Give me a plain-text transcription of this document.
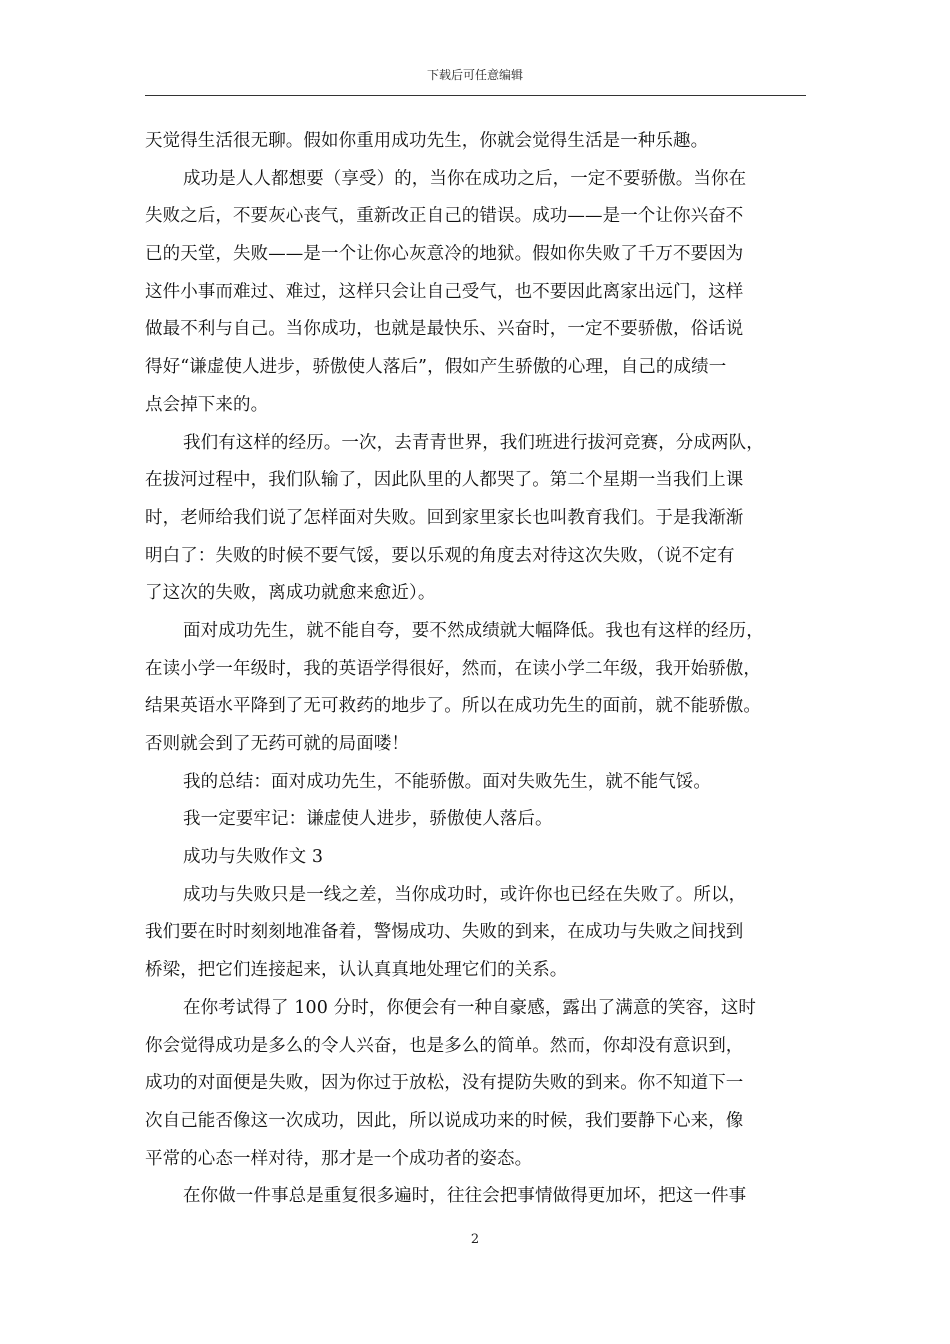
下载后可任意编辑
天觉得生活很无聊。假如你重用成功先生，你就会觉得生活是一种乐趣。
成功是人人都想要（享受）的，当你在成功之后，一定不要骄傲。当你在
失败之后，不要灰心丧气，重新改正自己的错误。成功——是一个让你兴奋不
已的天堂，失败——是一个让你心灰意冷的地狱。假如你失败了千万不要因为
这件小事而难过、难过，这样只会让自己受气，也不要因此离家出远门，这样
做最不利与自己。当你成功，也就是最快乐、兴奋时，一定不要骄傲，俗话说
得好“谦虚使人进步，骄傲使人落后”，假如产生骄傲的心理，自己的成绩一
点会掉下来的。
我们有这样的经历。一次，去青青世界，我们班进行拔河竞赛，分成两队，
在拔河过程中，我们队输了，因此队里的人都哭了。第二个星期一当我们上课
时，老师给我们说了怎样面对失败。回到家里家长也叫教育我们。于是我渐渐
明白了：失败的时候不要气馁，要以乐观的角度去对待这次失败，（说不定有
了这次的失败，离成功就愈来愈近）。
面对成功先生，就不能自夸，要不然成绩就大幅降低。我也有这样的经历，
在读小学一年级时，我的英语学得很好，然而，在读小学二年级，我开始骄傲，
结果英语水平降到了无可救药的地步了。所以在成功先生的面前，就不能骄傲。
否则就会到了无药可就的局面喽！
我的总结：面对成功先生，不能骄傲。面对失败先生，就不能气馁。
我一定要牢记：谦虚使人进步，骄傲使人落后。
成功与失败作文 3
成功与失败只是一线之差，当你成功时，或许你也已经在失败了。所以，
我们要在时时刻刻地准备着，警惕成功、失败的到来，在成功与失败之间找到
桥梁，把它们连接起来，认认真真地处理它们的关系。
在你考试得了 100 分时，你便会有一种自豪感，露出了满意的笑容，这时
你会觉得成功是多么的令人兴奋，也是多么的简单。然而，你却没有意识到，
成功的对面便是失败，因为你过于放松，没有提防失败的到来。你不知道下一
次自己能否像这一次成功，因此，所以说成功来的时候，我们要静下心来，像
平常的心态一样对待，那才是一个成功者的姿态。
在你做一件事总是重复很多遍时，往往会把事情做得更加坏，把这一件事
2
